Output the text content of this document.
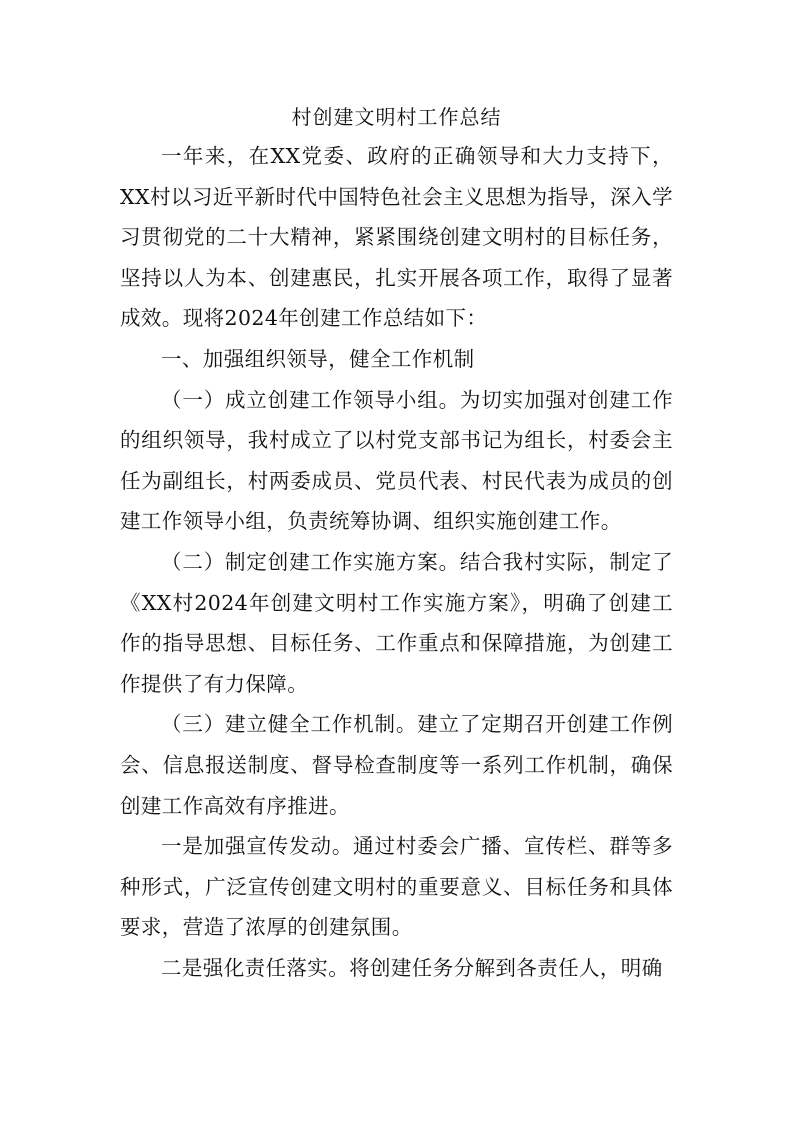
村创建文明村工作总结

一年来，在XX党委、政府的正确领导和大力支持下，XX村以习近平新时代中国特色社会主义思想为指导，深入学习贯彻党的二十大精神，紧紧围绕创建文明村的目标任务，坚持以人为本、创建惠民，扎实开展各项工作，取得了显著成效。现将2024年创建工作总结如下：

一、加强组织领导，健全工作机制

（一）成立创建工作领导小组。为切实加强对创建工作的组织领导，我村成立了以村党支部书记为组长，村委会主任为副组长，村两委成员、党员代表、村民代表为成员的创建工作领导小组，负责统筹协调、组织实施创建工作。

（二）制定创建工作实施方案。结合我村实际，制定了《XX村2024年创建文明村工作实施方案》，明确了创建工作的指导思想、目标任务、工作重点和保障措施，为创建工作提供了有力保障。

（三）建立健全工作机制。建立了定期召开创建工作例会、信息报送制度、督导检查制度等一系列工作机制，确保创建工作高效有序推进。

一是加强宣传发动。通过村委会广播、宣传栏、群等多种形式，广泛宣传创建文明村的重要意义、目标任务和具体要求，营造了浓厚的创建氛围。

二是强化责任落实。将创建任务分解到各责任人，明确
